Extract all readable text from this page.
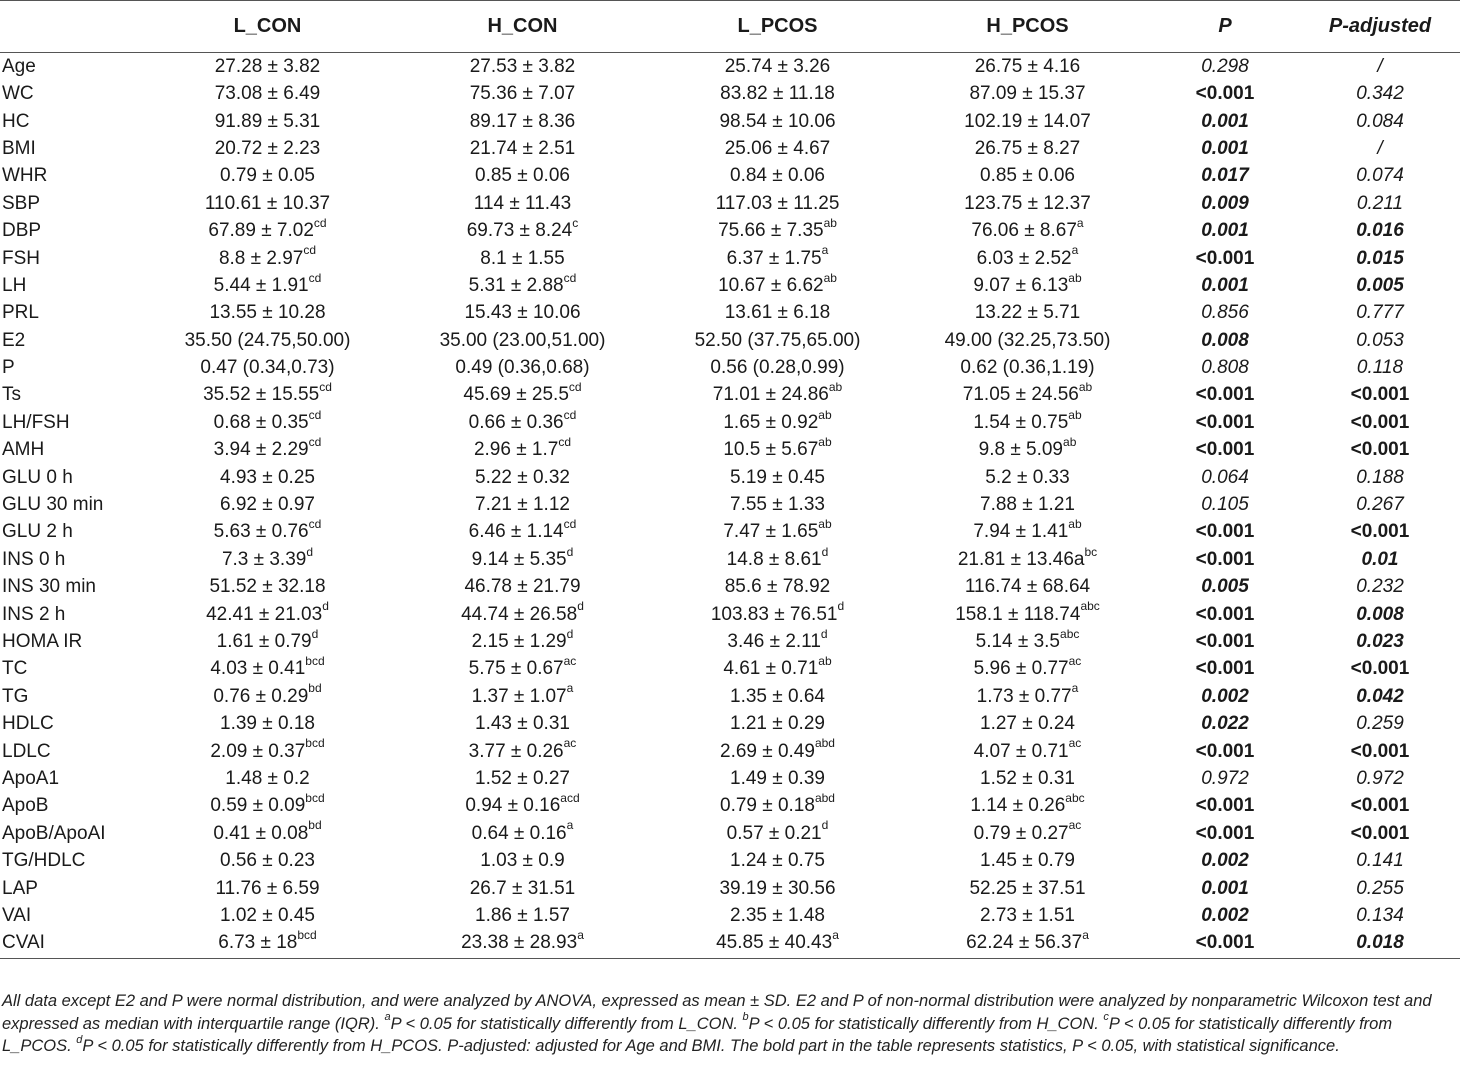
	L_CON	H_CON	L_PCOS	H_PCOS	P	P-adjusted
Age	27.28 ± 3.82	27.53 ± 3.82	25.74 ± 3.26	26.75 ± 4.16	0.298	/
WC	73.08 ± 6.49	75.36 ± 7.07	83.82 ± 11.18	87.09 ± 15.37	<0.001	0.342
HC	91.89 ± 5.31	89.17 ± 8.36	98.54 ± 10.06	102.19 ± 14.07	0.001	0.084
BMI	20.72 ± 2.23	21.74 ± 2.51	25.06 ± 4.67	26.75 ± 8.27	0.001	/
WHR	0.79 ± 0.05	0.85 ± 0.06	0.84 ± 0.06	0.85 ± 0.06	0.017	0.074
SBP	110.61 ± 10.37	114 ± 11.43	117.03 ± 11.25	123.75 ± 12.37	0.009	0.211
DBP	67.89 ± 7.02$^{cd}$	69.73 ± 8.24$^c$	75.66 ± 7.35$^{ab}$	76.06 ± 8.67$^a$	0.001	0.016
FSH	8.8 ± 2.97$^{cd}$	8.1 ± 1.55	6.37 ± 1.75$^a$	6.03 ± 2.52$^a$	<0.001	0.015
LH	5.44 ± 1.91$^{cd}$	5.31 ± 2.88$^{cd}$	10.67 ± 6.62$^{ab}$	9.07 ± 6.13$^{ab}$	0.001	0.005
PRL	13.55 ± 10.28	15.43 ± 10.06	13.61 ± 6.18	13.22 ± 5.71	0.856	0.777
E2	35.50 (24.75,50.00)	35.00 (23.00,51.00)	52.50 (37.75,65.00)	49.00 (32.25,73.50)	0.008	0.053
P	0.47 (0.34,0.73)	0.49 (0.36,0.68)	0.56 (0.28,0.99)	0.62 (0.36,1.19)	0.808	0.118
Ts	35.52 ± 15.55$^{cd}$	45.69 ± 25.5$^{cd}$	71.01 ± 24.86$^{ab}$	71.05 ± 24.56$^{ab}$	<0.001	<0.001
LH/FSH	0.68 ± 0.35$^{cd}$	0.66 ± 0.36$^{cd}$	1.65 ± 0.92$^{ab}$	1.54 ± 0.75$^{ab}$	<0.001	<0.001
AMH	3.94 ± 2.29$^{cd}$	2.96 ± 1.7$^{cd}$	10.5 ± 5.67$^{ab}$	9.8 ± 5.09$^{ab}$	<0.001	<0.001
GLU 0 h	4.93 ± 0.25	5.22 ± 0.32	5.19 ± 0.45	5.2 ± 0.33	0.064	0.188
GLU 30 min	6.92 ± 0.97	7.21 ± 1.12	7.55 ± 1.33	7.88 ± 1.21	0.105	0.267
GLU 2 h	5.63 ± 0.76$^{cd}$	6.46 ± 1.14$^{cd}$	7.47 ± 1.65$^{ab}$	7.94 ± 1.41$^{ab}$	<0.001	<0.001
INS 0 h	7.3 ± 3.39$^d$	9.14 ± 5.35$^d$	14.8 ± 8.61$^d$	$21.81 \pm 13.46a^{bc}$	<0.001	0.01
INS 30 min	51.52 ± 32.18	46.78 ± 21.79	85.6 ± 78.92	116.74 ± 68.64	0.005	0.232
INS 2 h	42.41 ± 21.03$^d$	44.74 ± 26.58$^d$	103.83 ± 76.51$^d$	158.1 ± 118.74$^{abc}$	<0.001	0.008
HOMA IR	1.61 ± 0.79$^d$	2.15 ± 1.29$^d$	3.46 ± 2.11$^d$	5.14 ± 3.5$^{abc}$	<0.001	0.023
TC	4.03 ± 0.41$^{bcd}$	5.75 ± 0.67$^{ac}$	4.61 ± 0.71$^{ab}$	5.96 ± 0.77$^{ac}$	<0.001	<0.001
TG	0.76 ± 0.29$^{bd}$	1.37 ± 1.07$^a$	1.35 ± 0.64	1.73 ± 0.77$^a$	0.002	0.042
HDLC	1.39 ± 0.18	1.43 ± 0.31	1.21 ± 0.29	1.27 ± 0.24	0.022	0.259
LDLC	2.09 ± 0.37$^{bcd}$	3.77 ± 0.26$^{ac}$	2.69 ± 0.49$^{abd}$	4.07 ± 0.71$^{ac}$	<0.001	<0.001
ApoA1	1.48 ± 0.2	1.52 ± 0.27	1.49 ± 0.39	1.52 ± 0.31	0.972	0.972
ApoB	0.59 ± 0.09$^{bcd}$	0.94 ± 0.16$^{acd}$	0.79 ± 0.18$^{abd}$	1.14 ± 0.26$^{abc}$	<0.001	<0.001
ApoB/ApoAI	0.41 ± 0.08$^{bd}$	0.64 ± 0.16$^a$	0.57 ± 0.21$^d$	0.79 ± 0.27$^{ac}$	<0.001	<0.001
TG/HDLC	0.56 ± 0.23	1.03 ± 0.9	1.24 ± 0.75	1.45 ± 0.79	0.002	0.141
LAP	11.76 ± 6.59	26.7 ± 31.51	39.19 ± 30.56	52.25 ± 37.51	0.001	0.255
VAI	1.02 ± 0.45	1.86 ± 1.57	2.35 ± 1.48	2.73 ± 1.51	0.002	0.134
CVAI	$6.73 \pm 18^{bcd}$	23.38 ± 28.93$^a$	45.85 ± 40.43$^a$	62.24 ± 56.37$^a$	<0.001	0.018
All data except E2 and P were normal distribution, and were analyzed by ANOVA, expressed as mean ± SD. E2 and P of non-normal distribution were analyzed by nonparametric Wilcoxon test and expressed as median with interquartile range (IQR). $^a$P < 0.05 for statistically differently from L_CON. $^b$P < 0.05 for statistically differently from H_CON. $^c$P < 0.05 for statistically differently from L_PCOS. $^d$P < 0.05 for statistically differently from H_PCOS. P-adjusted: adjusted for Age and BMI. The bold part in the table represents statistics, P < 0.05, with statistical significance.
